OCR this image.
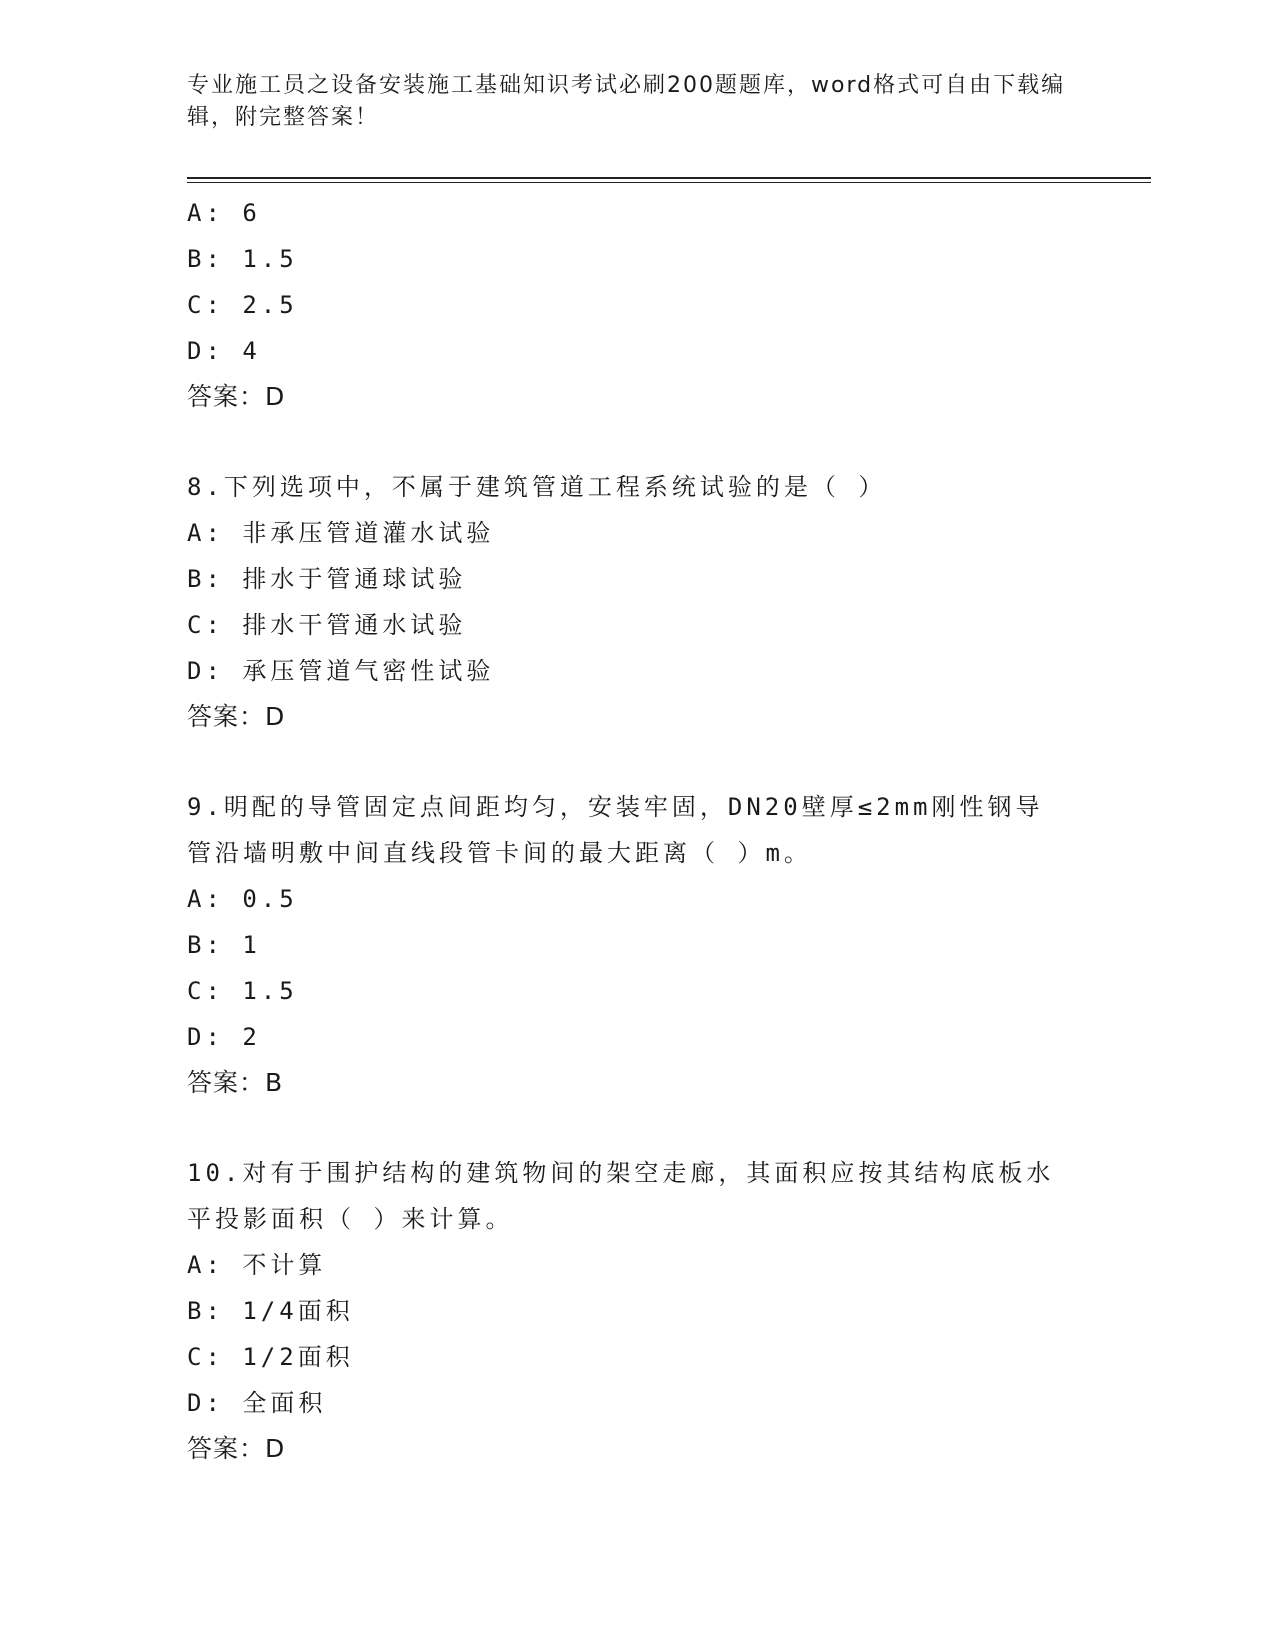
专业施工员之设备安装施工基础知识考试必刷200题题库，word格式可自由下载编辑，附完整答案！
A: 6
B: 1.5
C: 2.5
D: 4
答案：D
8.下列选项中，不属于建筑管道工程系统试验的是（ ）
A: 非承压管道灌水试验
B: 排水于管通球试验
C: 排水干管通水试验
D: 承压管道气密性试验
答案：D
9.明配的导管固定点间距均匀，安装牢固，DN20壁厚≤2mm刚性钢导管沿墙明敷中间直线段管卡间的最大距离（ ）m。
A: 0.5
B: 1
C: 1.5
D: 2
答案：B
10.对有于围护结构的建筑物间的架空走廊，其面积应按其结构底板水平投影面积（ ）来计算。
A: 不计算
B: 1/4面积
C: 1/2面积
D: 全面积
答案：D
